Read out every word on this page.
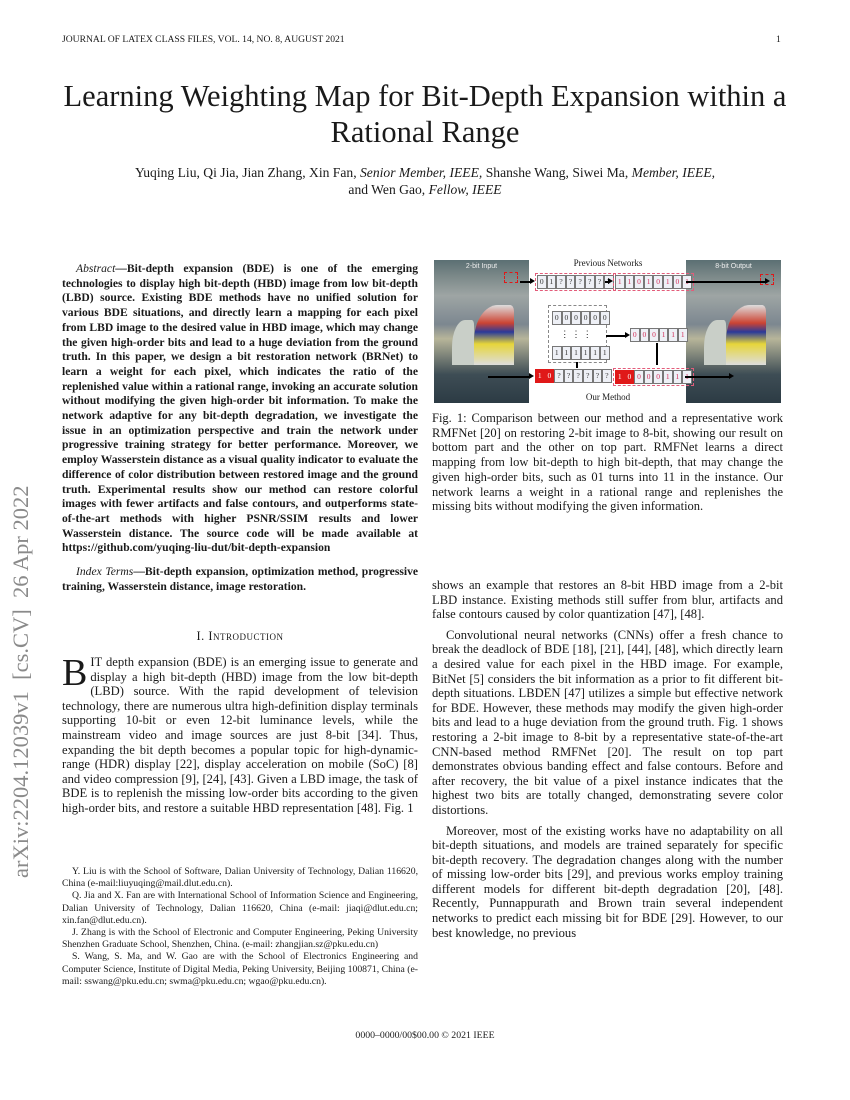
JOURNAL OF LATEX CLASS FILES, VOL. 14, NO. 8, AUGUST 2021	1
arXiv:2204.12039v1  [cs.CV]  26 Apr 2022
Learning Weighting Map for Bit-Depth Expansion within a Rational Range
Yuqing Liu, Qi Jia, Jian Zhang, Xin Fan, Senior Member, IEEE, Shanshe Wang, Siwei Ma, Member, IEEE,
and Wen Gao, Fellow, IEEE

Abstract—Bit-depth expansion (BDE) is one of the emerging technologies to display high bit-depth (HBD) image from low bit-depth (LBD) source. Existing BDE methods have no unified solution for various BDE situations, and directly learn a mapping for each pixel from LBD image to the desired value in HBD image, which may change the given high-order bits and lead to a huge deviation from the ground truth. In this paper, we design a bit restoration network (BRNet) to learn a weight for each pixel, which indicates the ratio of the replenished value within a rational range, invoking an accurate solution without modifying the given high-order bit information. To make the network adaptive for any bit-depth degradation, we investigate the issue in an optimization perspective and train the network under progressive training strategy for better performance. Moreover, we employ Wasserstein distance as a visual quality indicator to evaluate the difference of color distribution between restored image and the ground truth. Experimental results show our method can restore colorful images with fewer artifacts and false contours, and outperforms state-of-the-art methods with higher PSNR/SSIM results and lower Wasserstein distance. The source code will be made available at https://github.com/yuqing-liu-dut/bit-depth-expansion

Index Terms—Bit-depth expansion, optimization method, progressive training, Wasserstein distance, image restoration.

I. Introduction

BIT depth expansion (BDE) is an emerging issue to generate and display a high bit-depth (HBD) image from the low bit-depth (LBD) source. With the rapid development of television technology, there are numerous ultra high-definition display terminals supporting 10-bit or even 12-bit luminance levels, while the mainstream video and image sources are just 8-bit [34]. Thus, expanding the bit depth becomes a popular topic for high-dynamic-range (HDR) display [22], display acceleration on mobile (SoC) [8] and video compression [9], [24], [43]. Given a LBD image, the task of BDE is to replenish the missing low-order bits according to the given high-order bits, and restore a suitable HBD representation [48]. Fig. 1

Y. Liu is with the School of Software, Dalian University of Technology, Dalian 116620, China (e-mail:liuyuqing@mail.dlut.edu.cn).

Q. Jia and X. Fan are with International School of Information Science and Engineering, Dalian University of Technology, Dalian 116620, China (e-mail: jiaqi@dlut.edu.cn; xin.fan@dlut.edu.cn).

J. Zhang is with the School of Electronic and Computer Engineering, Peking University Shenzhen Graduate School, Shenzhen, China. (e-mail: zhangjian.sz@pku.edu.cn)

S. Wang, S. Ma, and W. Gao are with the School of Electronics Engineering and Computer Science, Institute of Digital Media, Peking University, Beijing 100871, China (e-mail: sswang@pku.edu.cn; swma@pku.edu.cn; wgao@pku.edu.cn).

2-bit Input	8-bit Output
Previous Networks
Our Method
0 1 ? ? ? ? ?	1 1 0 1 0 1 0
0 0 0 0 0 0
⋮ ⋮ ⋮
1 1 1 1 1 1
0 0 0 1 1 1
1 0 ? ? ? ? ? ?	1 0 0 0 0 1 1
Fig. 1: Comparison between our method and a representative work RMFNet [20] on restoring 2-bit image to 8-bit, showing our result on bottom part and the other on top part. RMFNet learns a direct mapping from low bit-depth to high bit-depth, that may change the given high-order bits, such as 01 turns into 11 in the instance. Our network learns a weight in a rational range and replenishes the missing bits without modifying the given information.

shows an example that restores an 8-bit HBD image from a 2-bit LBD instance. Existing methods still suffer from blur, artifacts and false contours caused by color quantization [47], [48].

Convolutional neural networks (CNNs) offer a fresh chance to break the deadlock of BDE [18], [21], [44], [48], which directly learn a desired value for each pixel in the HBD image. For example, BitNet [5] considers the bit information as a prior to fit different bit-depth situations. LBDEN [47] utilizes a simple but effective network for BDE. However, these methods may modify the given high-order bits and lead to a huge deviation from the ground truth. Fig. 1 shows restoring a 2-bit image to 8-bit by a representative state-of-the-art CNN-based method RMFNet [20]. The result on top part demonstrates obvious banding effect and false contours. Before and after recovery, the bit value of a pixel instance indicates that the highest two bits are totally changed, demonstrating severe color distortions.

Moreover, most of the existing works have no adaptability on all bit-depth situations, and models are trained separately for specific bit-depth recovery. The degradation changes along with the number of missing low-order bits [29], and previous works employ training different models for different bit-depth degradation [20], [48]. Recently, Punnappurath and Brown train several independent networks to predict each missing bit for BDE [29]. However, to our best knowledge, no previous

0000–0000/00$00.00 © 2021 IEEE
